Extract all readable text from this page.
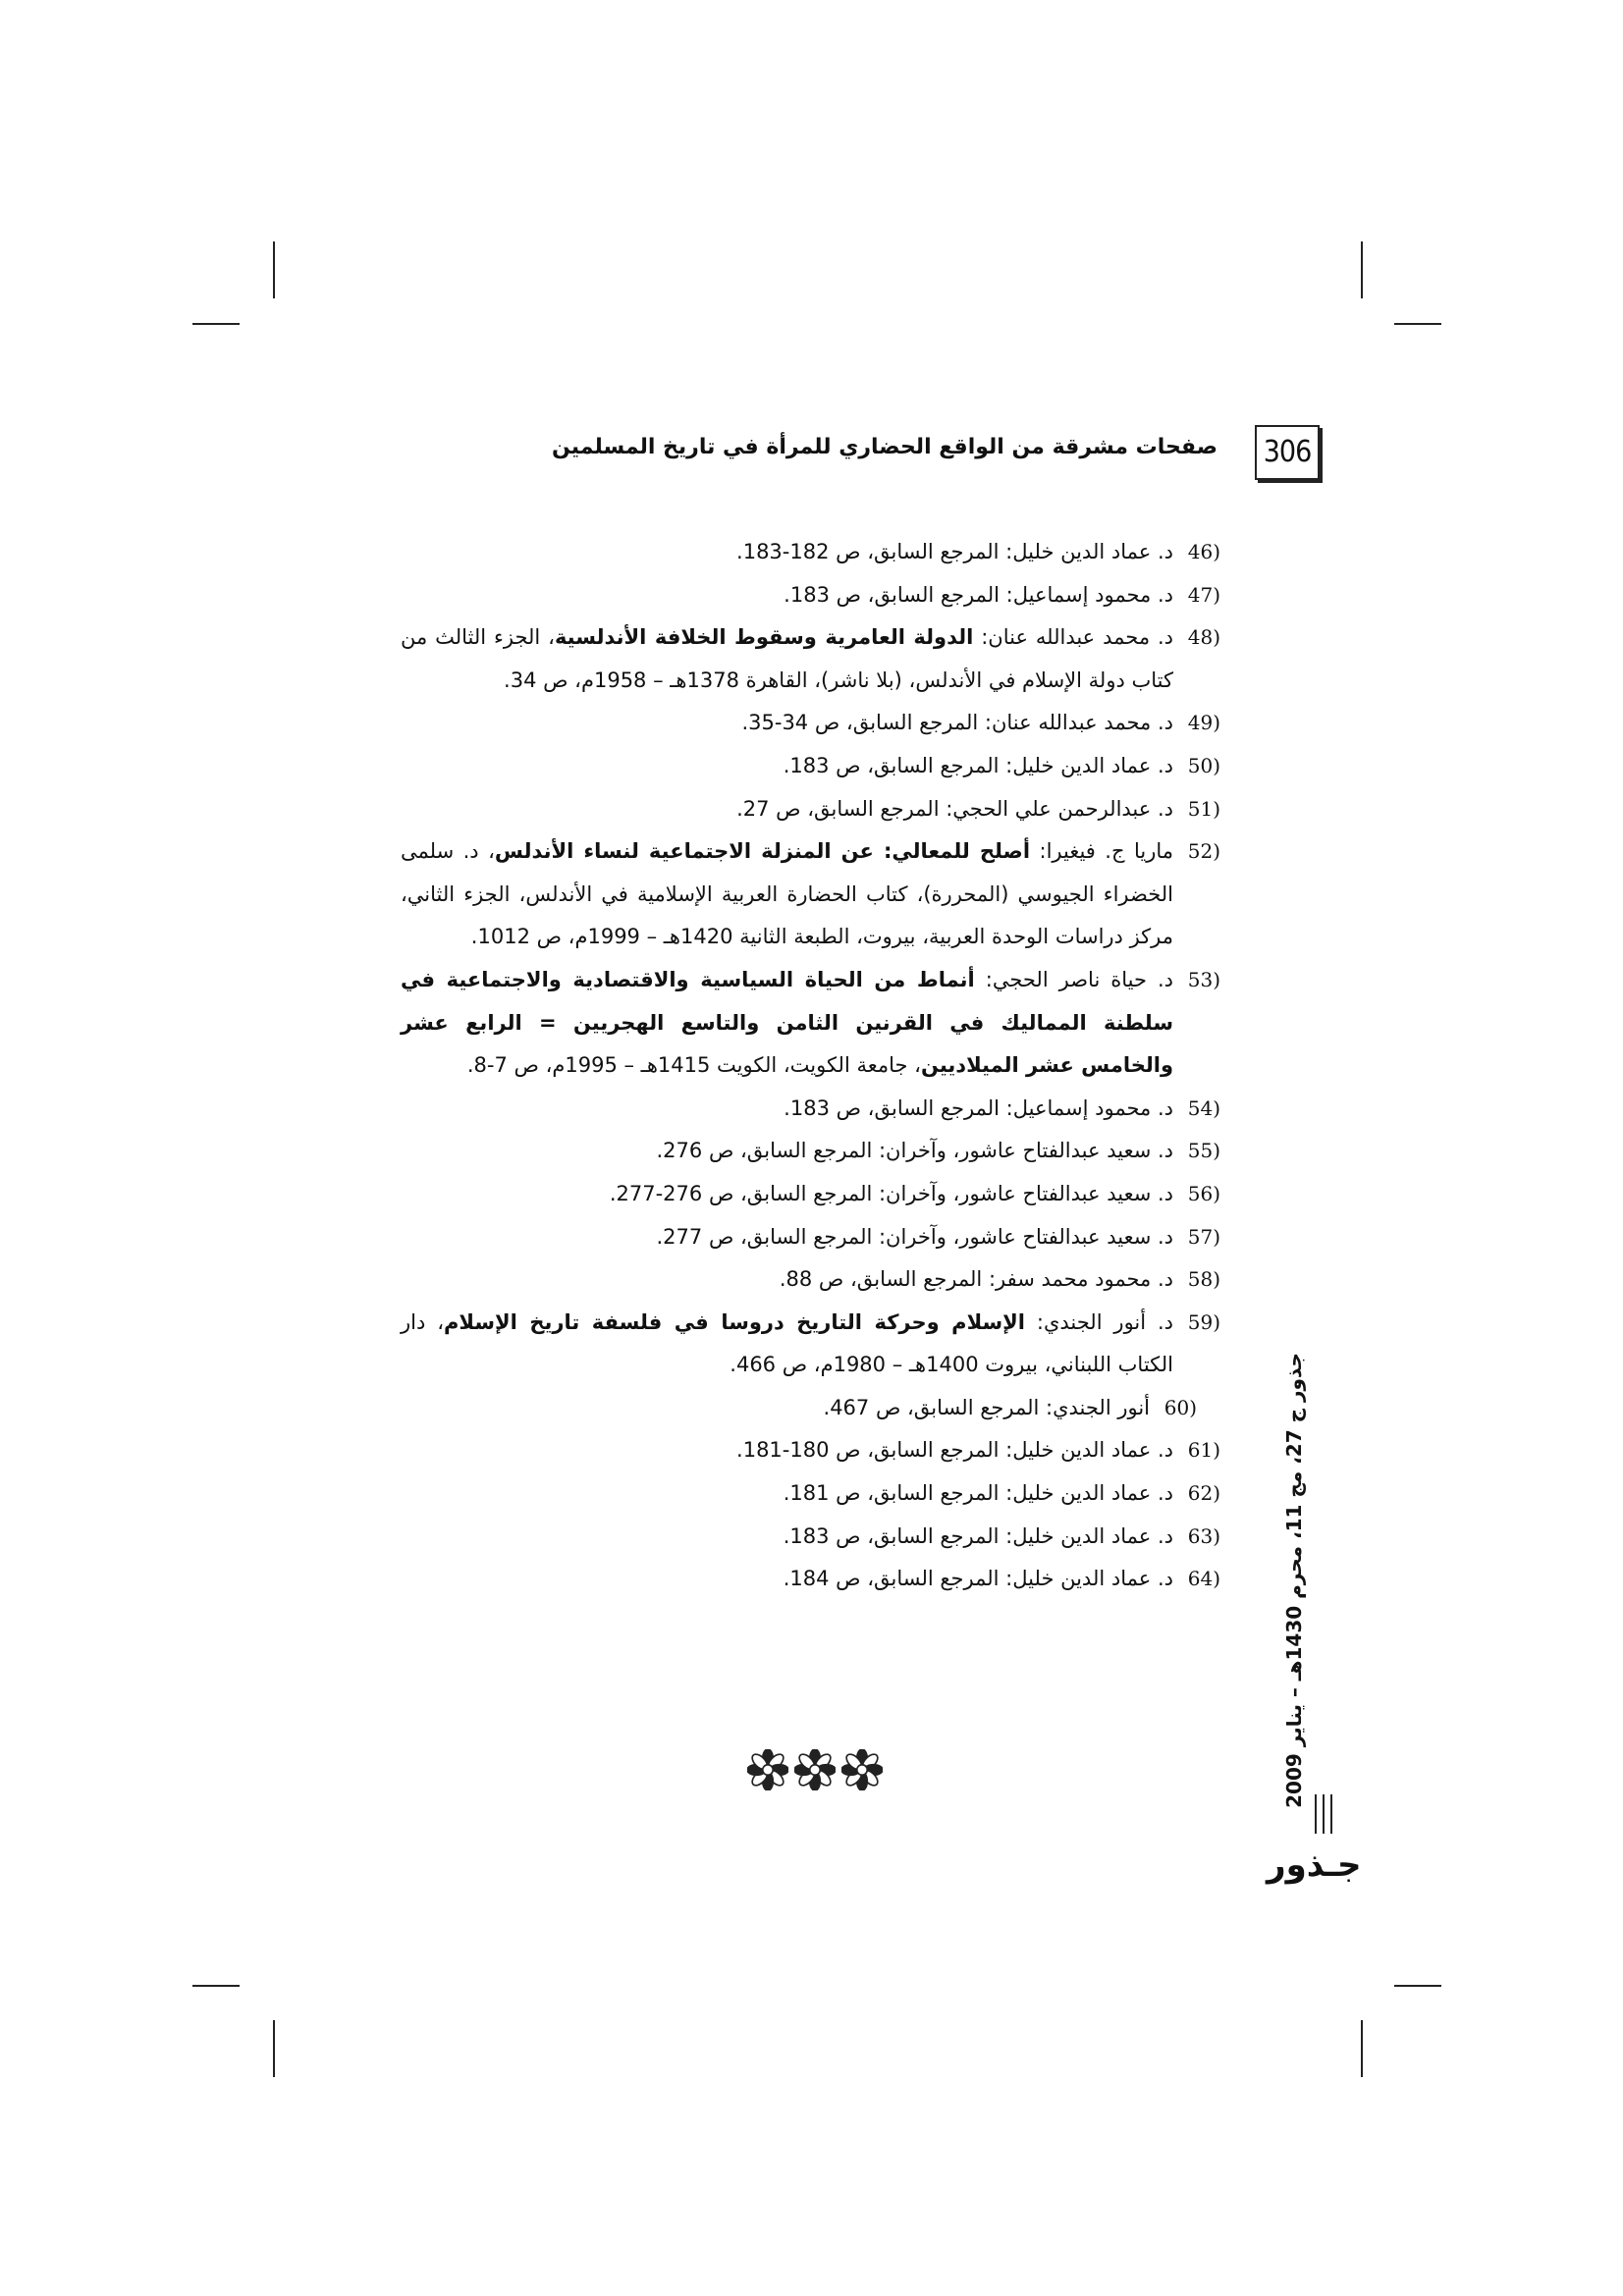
صفحات مشرقة من الواقع الحضاري للمرأة في تاريخ المسلمين 306
46 )
د. عماد الدين خليل: المرجع السابق، ص 182-183.
47 )
د. محمود إسماعيل: المرجع السابق، ص 183.
48 )
د. محمد عبدالله عنان: الدولة العامرية وسقوط الخلافة الأندلسية، الجزء الثالث من كتاب دولة الإسلام في الأندلس، (بلا ناشر)، القاهرة 1378هـ – 1958م، ص 34.
49 )
د. محمد عبدالله عنان: المرجع السابق، ص 34-35.
50 )
د. عماد الدين خليل: المرجع السابق، ص 183.
51 )
د. عبدالرحمن علي الحجي: المرجع السابق، ص 27.
52 )
ماريا ج. فيغيرا: أصلح للمعالي: عن المنزلة الاجتماعية لنساء الأندلس، د. سلمى الخضراء الجيوسي (المحررة)، كتاب الحضارة العربية الإسلامية في الأندلس، الجزء الثاني، مركز دراسات الوحدة العربية، بيروت، الطبعة الثانية 1420هـ – 1999م، ص 1012.
53 )
د. حياة ناصر الحجي: أنماط من الحياة السياسية والاقتصادية والاجتماعية في سلطنة المماليك في القرنين الثامن والتاسع الهجريين = الرابع عشر والخامس عشر الميلاديين، جامعة الكويت، الكويت 1415هـ – 1995م، ص 7-8.
54 )
د. محمود إسماعيل: المرجع السابق، ص 183.
55 )
د. سعيد عبدالفتاح عاشور، وآخران: المرجع السابق، ص 276.
56 )
د. سعيد عبدالفتاح عاشور، وآخران: المرجع السابق، ص 276-277.
57 )
د. سعيد عبدالفتاح عاشور، وآخران: المرجع السابق، ص 277.
58 )
د. محمود محمد سفر: المرجع السابق، ص 88.
59 )
د. أنور الجندي: الإسلام وحركة التاريخ دروسا في فلسفة تاريخ الإسلام، دار الكتاب اللبناني، بيروت 1400هـ – 1980م، ص 466.
60 )
أنور الجندي: المرجع السابق، ص 467.
61 )
د. عماد الدين خليل: المرجع السابق، ص 180-181.
62 )
د. عماد الدين خليل: المرجع السابق، ص 181.
63 )
د. عماد الدين خليل: المرجع السابق، ص 183.
64 )
د. عماد الدين خليل: المرجع السابق، ص 184.
جذور ج 27، مج 11، محرم 1430هـ – يناير 2009
جـذور
